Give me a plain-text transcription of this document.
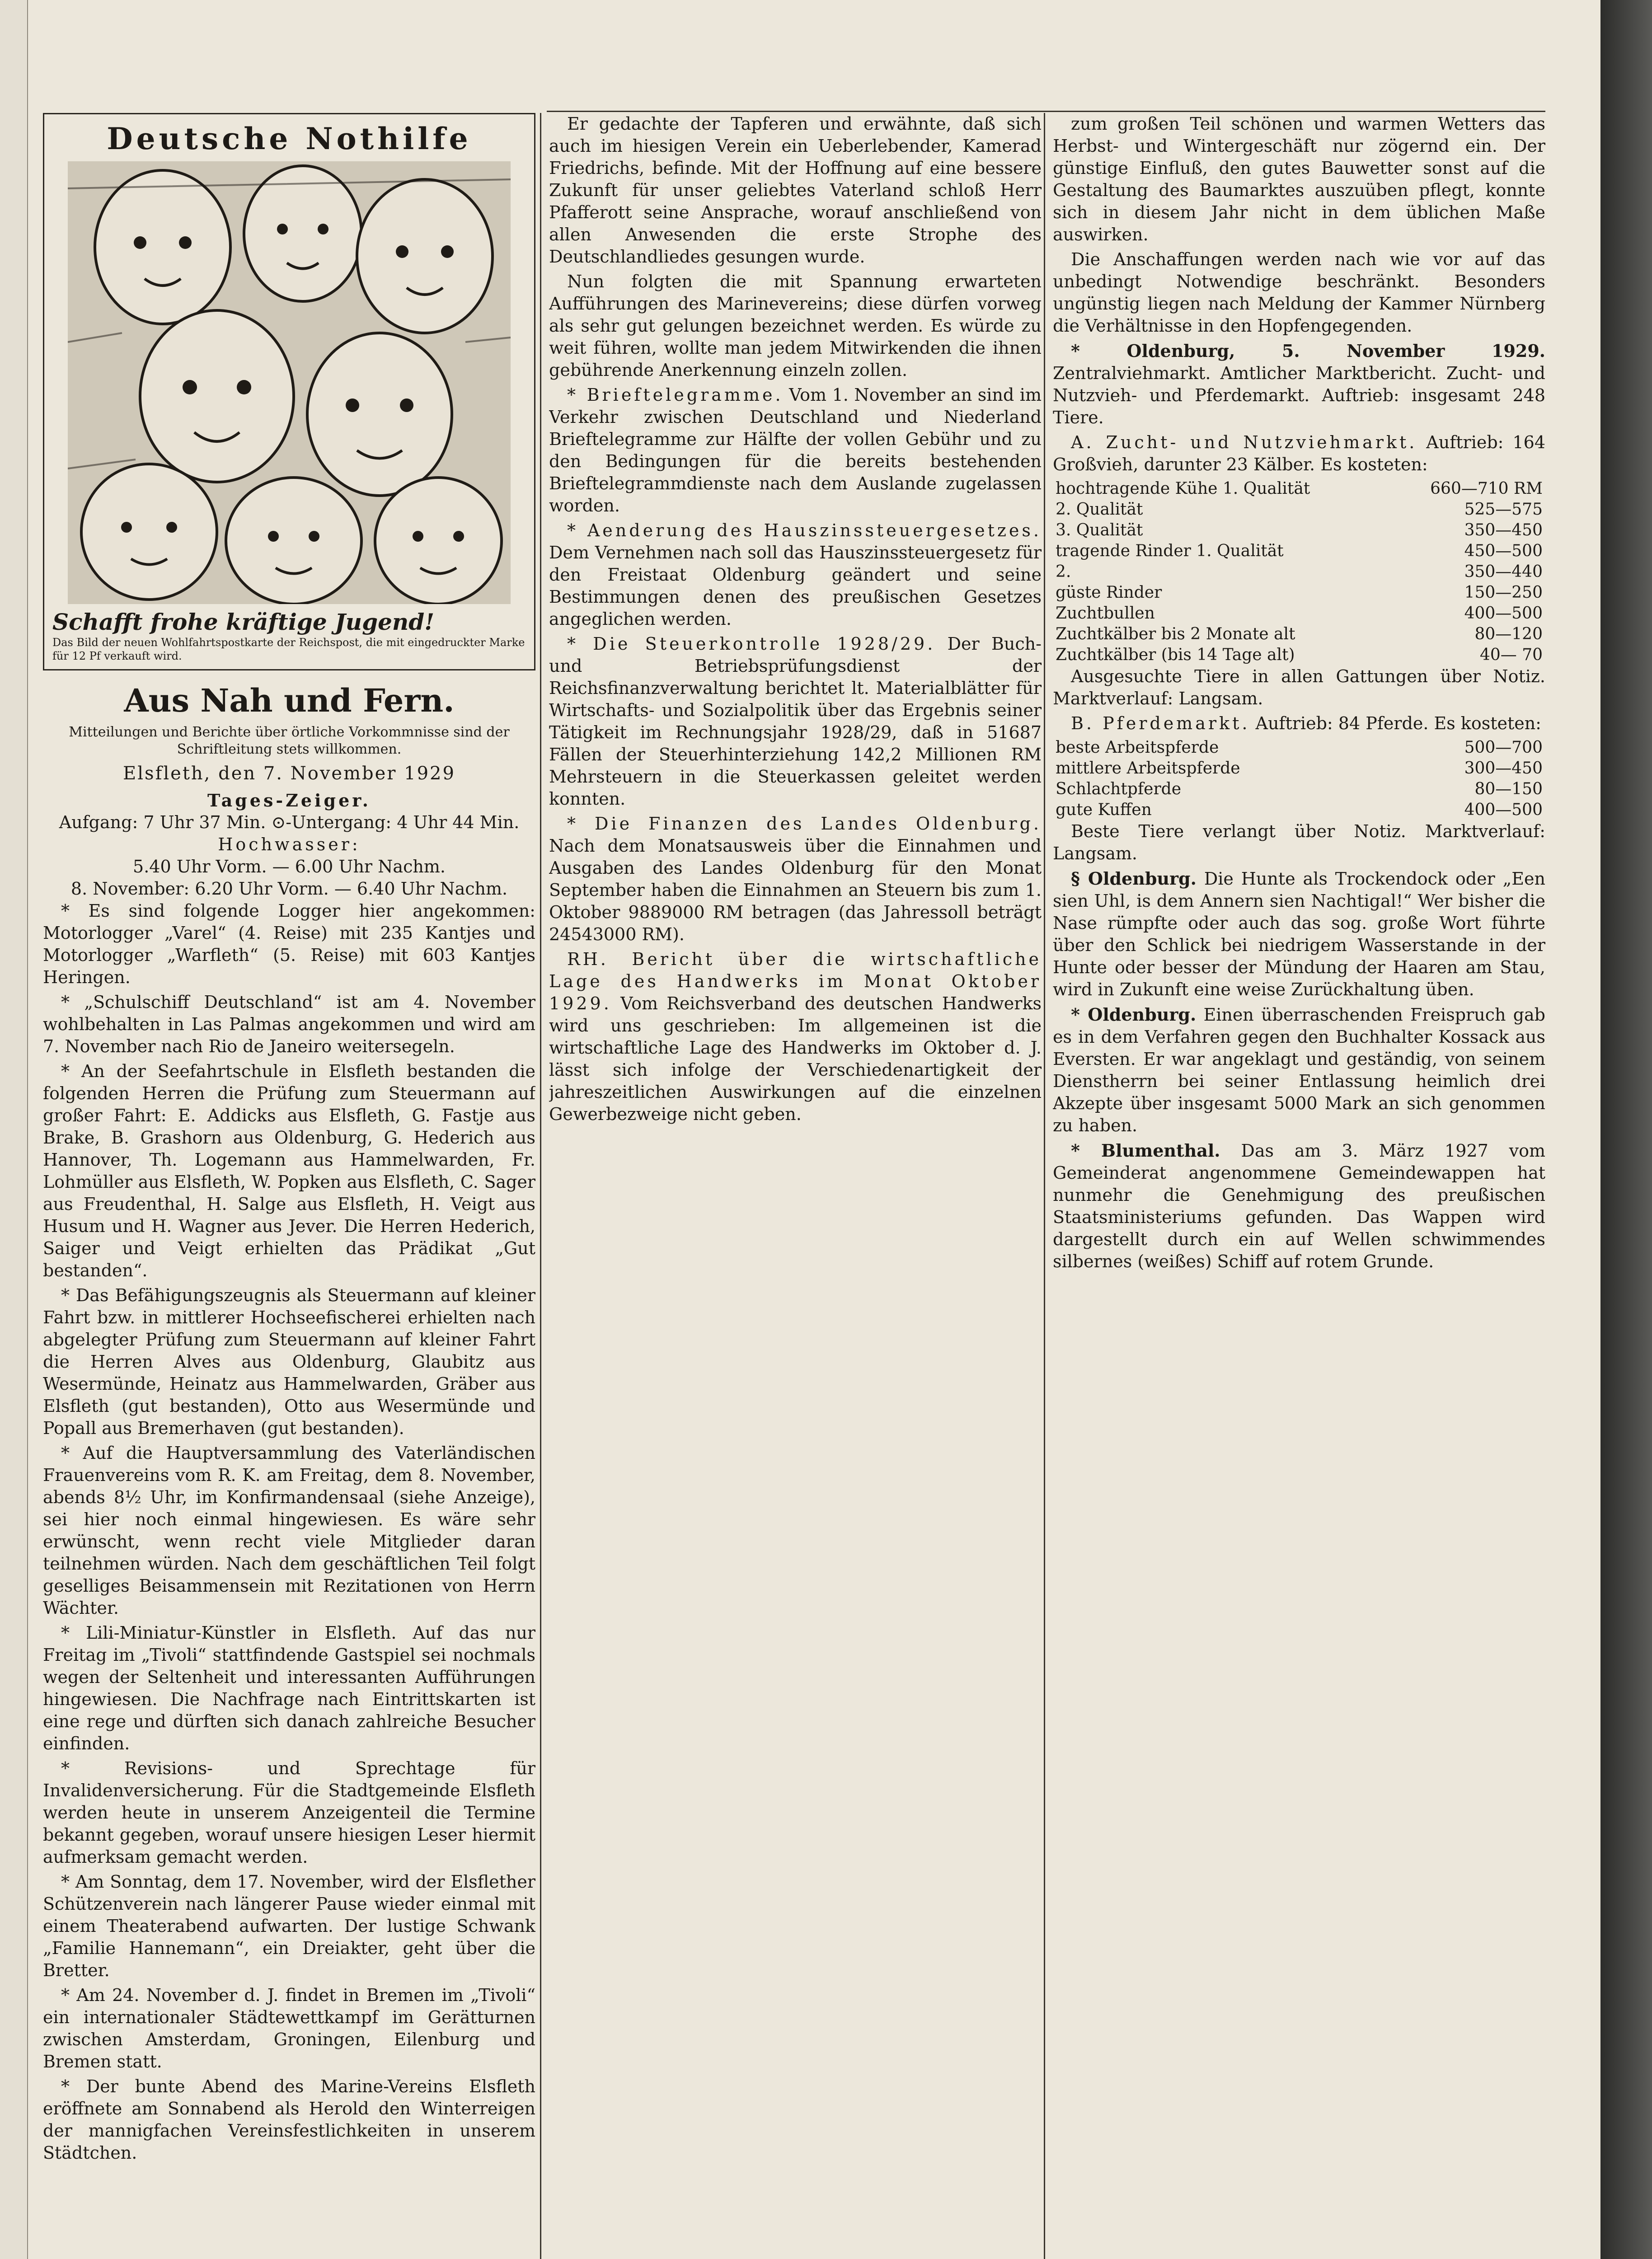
Deutsche Nothilfe
Schafft frohe kräftige Jugend!
Das Bild der neuen Wohlfahrtspostkarte der Reichspost, die mit eingedruckter Marke für 12 Pf verkauft wird.
Aus Nah und Fern.
Mitteilungen und Berichte über örtliche Vorkommnisse sind der Schriftleitung stets willkommen.
Elsfleth, den 7. November 1929
Tages-Zeiger.
Aufgang: 7 Uhr 37 Min. ⊙-Untergang: 4 Uhr 44 Min.
Hochwasser:
5.40 Uhr Vorm. — 6.00 Uhr Nachm.
8. November: 6.20 Uhr Vorm. — 6.40 Uhr Nachm.

* Es sind folgende Logger hier angekommen: Motorlogger „Varel“ (4. Reise) mit 235 Kantjes und Motorlogger „Warfleth“ (5. Reise) mit 603 Kantjes Heringen.

* „Schulschiff Deutschland“ ist am 4. November wohlbehalten in Las Palmas angekommen und wird am 7. November nach Rio de Janeiro weitersegeln.

* An der Seefahrtschule in Elsfleth bestanden die folgenden Herren die Prüfung zum Steuermann auf großer Fahrt: E. Addicks aus Elsfleth, G. Fastje aus Brake, B. Grashorn aus Oldenburg, G. Hederich aus Hannover, Th. Logemann aus Hammelwarden, Fr. Lohmüller aus Elsfleth, W. Popken aus Elsfleth, C. Sager aus Freudenthal, H. Salge aus Elsfleth, H. Veigt aus Husum und H. Wagner aus Jever. Die Herren Hederich, Saiger und Veigt erhielten das Prädikat „Gut bestanden“.

* Das Befähigungszeugnis als Steuermann auf kleiner Fahrt bzw. in mittlerer Hochseefischerei erhielten nach abgelegter Prüfung zum Steuermann auf kleiner Fahrt die Herren Alves aus Oldenburg, Glaubitz aus Wesermünde, Heinatz aus Hammelwarden, Gräber aus Elsfleth (gut bestanden), Otto aus Wesermünde und Popall aus Bremerhaven (gut bestanden).

* Auf die Hauptversammlung des Vaterländischen Frauenvereins vom R. K. am Freitag, dem 8. November, abends 8½ Uhr, im Konfirmandensaal (siehe Anzeige), sei hier noch einmal hingewiesen. Es wäre sehr erwünscht, wenn recht viele Mitglieder daran teilnehmen würden. Nach dem geschäftlichen Teil folgt geselliges Beisammensein mit Rezitationen von Herrn Wächter.

* Lili-Miniatur-Künstler in Elsfleth. Auf das nur Freitag im „Tivoli“ stattfindende Gastspiel sei nochmals wegen der Seltenheit und interessanten Aufführungen hingewiesen. Die Nachfrage nach Eintrittskarten ist eine rege und dürften sich danach zahlreiche Besucher einfinden.

* Revisions- und Sprechtage für Invalidenversicherung. Für die Stadtgemeinde Elsfleth werden heute in unserem Anzeigenteil die Termine bekannt gegeben, worauf unsere hiesigen Leser hiermit aufmerksam gemacht werden.

* Am Sonntag, dem 17. November, wird der Elsflether Schützenverein nach längerer Pause wieder einmal mit einem Theaterabend aufwarten. Der lustige Schwank „Familie Hannemann“, ein Dreiakter, geht über die Bretter.

* Am 24. November d. J. findet in Bremen im „Tivoli“ ein internationaler Städtewettkampf im Gerätturnen zwischen Amsterdam, Groningen, Eilenburg und Bremen statt.

* Der bunte Abend des Marine-Vereins Elsfleth eröffnete am Sonnabend als Herold den Winterreigen der mannigfachen Vereinsfestlichkeiten in unserem Städtchen.

Er gedachte der Tapferen und erwähnte, daß sich auch im hiesigen Verein ein Ueberlebender, Kamerad Friedrichs, befinde. Mit der Hoffnung auf eine bessere Zukunft für unser geliebtes Vaterland schloß Herr Pfafferott seine Ansprache, worauf anschließend von allen Anwesenden die erste Strophe des Deutschlandliedes gesungen wurde.

Nun folgten die mit Spannung erwarteten Aufführungen des Marinevereins; diese dürfen vorweg als sehr gut gelungen bezeichnet werden. Es würde zu weit führen, wollte man jedem Mitwirkenden die ihnen gebührende Anerkennung einzeln zollen.

* Brieftelegramme. Vom 1. November an sind im Verkehr zwischen Deutschland und Niederland Brieftelegramme zur Hälfte der vollen Gebühr und zu den Bedingungen für die bereits bestehenden Brieftelegrammdienste nach dem Auslande zugelassen worden.

* Aenderung des Hauszinssteuergesetzes. Dem Vernehmen nach soll das Hauszinssteuergesetz für den Freistaat Oldenburg geändert und seine Bestimmungen denen des preußischen Gesetzes angeglichen werden.

* Die Steuerkontrolle 1928/29. Der Buch- und Betriebsprüfungsdienst der Reichsfinanzverwaltung berichtet lt. Materialblätter für Wirtschafts- und Sozialpolitik über das Ergebnis seiner Tätigkeit im Rechnungsjahr 1928/29, daß in 51687 Fällen der Steuerhinterziehung 142,2 Millionen RM Mehrsteuern in die Steuerkassen geleitet werden konnten.

* Die Finanzen des Landes Oldenburg. Nach dem Monatsausweis über die Einnahmen und Ausgaben des Landes Oldenburg für den Monat September haben die Einnahmen an Steuern bis zum 1. Oktober 9889000 RM betragen (das Jahressoll beträgt 24543000 RM).

RH. Bericht über die wirtschaftliche Lage des Handwerks im Monat Oktober 1929. Vom Reichsverband des deutschen Handwerks wird uns geschrieben: Im allgemeinen ist die wirtschaftliche Lage des Handwerks im Oktober d. J. lässt sich infolge der Verschiedenartigkeit der jahreszeitlichen Auswirkungen auf die einzelnen Gewerbezweige nicht geben.

zum großen Teil schönen und warmen Wetters das Herbst- und Wintergeschäft nur zögernd ein. Der günstige Einfluß, den gutes Bauwetter sonst auf die Gestaltung des Baumarktes auszuüben pflegt, konnte sich in diesem Jahr nicht in dem üblichen Maße auswirken.

Die Anschaffungen werden nach wie vor auf das unbedingt Notwendige beschränkt. Besonders ungünstig liegen nach Meldung der Kammer Nürnberg die Verhältnisse in den Hopfengegenden.

* Oldenburg, 5. November 1929. Zentralviehmarkt. Amtlicher Marktbericht. Zucht- und Nutzvieh- und Pferdemarkt. Auftrieb: insgesamt 248 Tiere.

A. Zucht- und Nutzviehmarkt. Auftrieb: 164 Großvieh, darunter 23 Kälber. Es kosteten:

hochtragende Kühe 1. Qualität	660—710 RM
2. Qualität	525—575
3. Qualität	350—450
tragende Rinder 1. Qualität	450—500
2.	350—440
güste Rinder	150—250
Zuchtbullen	400—500
Zuchtkälber bis 2 Monate alt	80—120
Zuchtkälber (bis 14 Tage alt)	40— 70

Ausgesuchte Tiere in allen Gattungen über Notiz. Marktverlauf: Langsam.

B. Pferdemarkt. Auftrieb: 84 Pferde. Es kosteten:

beste Arbeitspferde	500—700
mittlere Arbeitspferde	300—450
Schlachtpferde	80—150
gute Kuffen	400—500

Beste Tiere verlangt über Notiz. Marktverlauf: Langsam.

§ Oldenburg. Die Hunte als Trockendock oder „Een sien Uhl, is dem Annern sien Nachtigal!“ Wer bisher die Nase rümpfte oder auch das sog. große Wort führte über den Schlick bei niedrigem Wasserstande in der Hunte oder besser der Mündung der Haaren am Stau, wird in Zukunft eine weise Zurückhaltung üben.

* Oldenburg. Einen überraschenden Freispruch gab es in dem Verfahren gegen den Buchhalter Kossack aus Eversten. Er war angeklagt und geständig, von seinem Dienstherrn bei seiner Entlassung heimlich drei Akzepte über insgesamt 5000 Mark an sich genommen zu haben.

* Blumenthal. Das am 3. März 1927 vom Gemeinderat angenommene Gemeindewappen hat nunmehr die Genehmigung des preußischen Staatsministeriums gefunden. Das Wappen wird dargestellt durch ein auf Wellen schwimmendes silbernes (weißes) Schiff auf rotem Grunde.
